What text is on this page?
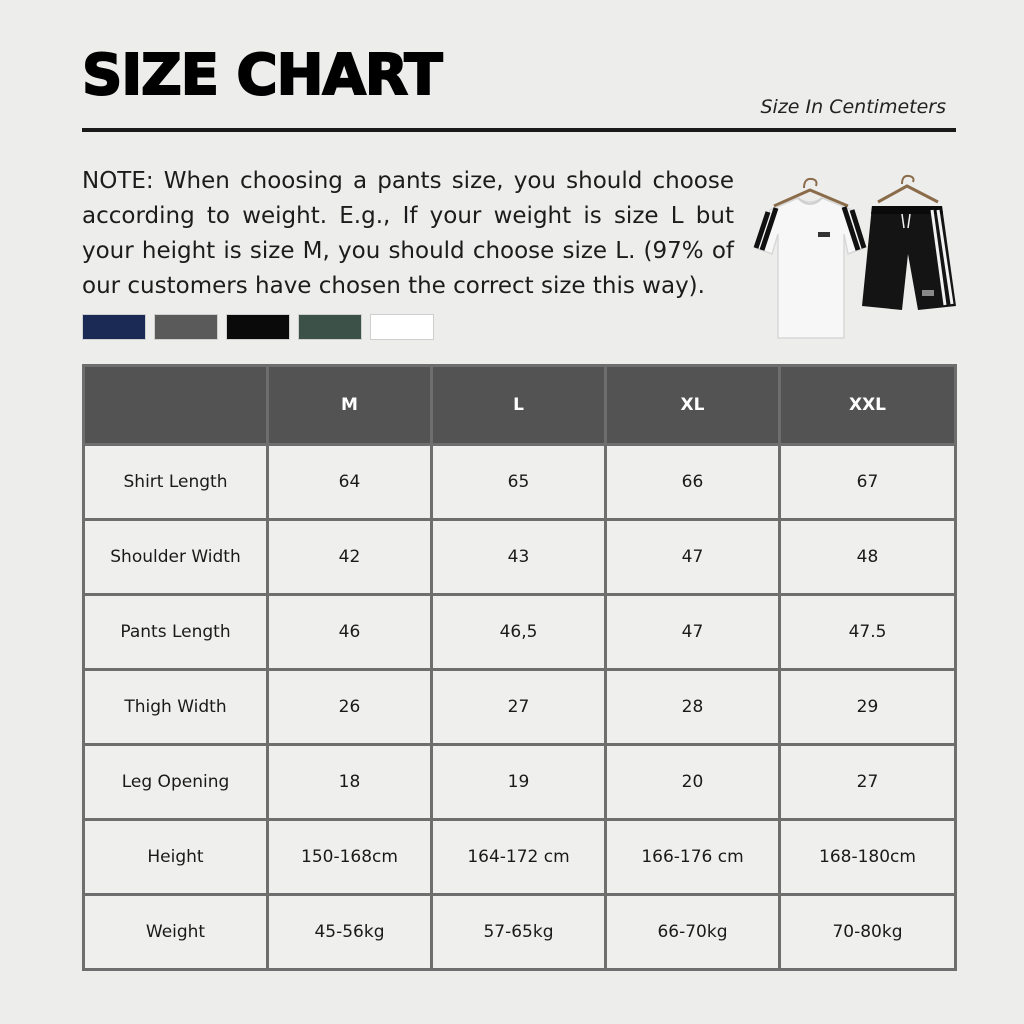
SIZE CHART	Size In Centimeters
NOTE: When choosing a pants size, you should choose according to weight. E.g., If your weight is size L but your height is size M, you should choose size L. (97% of our customers have chosen the correct size this way).
	M	L	XL	XXL
Shirt Length	64	65	66	67
Shoulder Width	42	43	47	48
Pants Length	46	46,5	47	47.5
Thigh Width	26	27	28	29
Leg Opening	18	19	20	27
Height	150-168cm	164-172 cm	166-176 cm	168-180cm
Weight	45-56kg	57-65kg	66-70kg	70-80kg
